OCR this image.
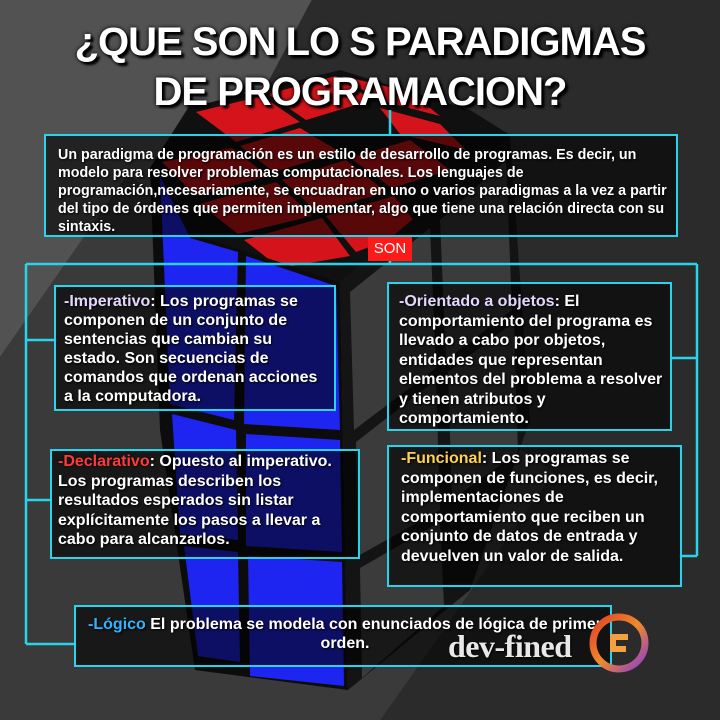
¿QUE SON LO S PARADIGMAS
DE PROGRAMACION?
Un paradigma de programación es un estilo de desarrollo de programas. Es decir, un modelo para resolver problemas computacionales. Los lenguajes de programación,necesariamente, se encuadran en uno o varios paradigmas a la vez a partir del tipo de órdenes que permiten implementar, algo que tiene una relación directa con su sintaxis.
SON
-Imperativo: Los programas se componen de un conjunto de sentencias que cambian su estado. Son secuencias de comandos que ordenan acciones a la computadora.
-Declarativo: Opuesto al imperativo. Los programas describen los resultados esperados sin listar explícitamente los pasos a llevar a cabo para alcanzarlos.
-Orientado a objetos: El comportamiento del programa es llevado a cabo por objetos, entidades que representan elementos del problema a resolver y tienen atributos y comportamiento.
-Funcional: Los programas se componen de funciones, es decir, implementaciones de comportamiento que reciben un conjunto de datos de entrada y devuelven un valor de salida.
-Lógico El problema se modela con enunciados de lógica de primer orden.	dev-fined
